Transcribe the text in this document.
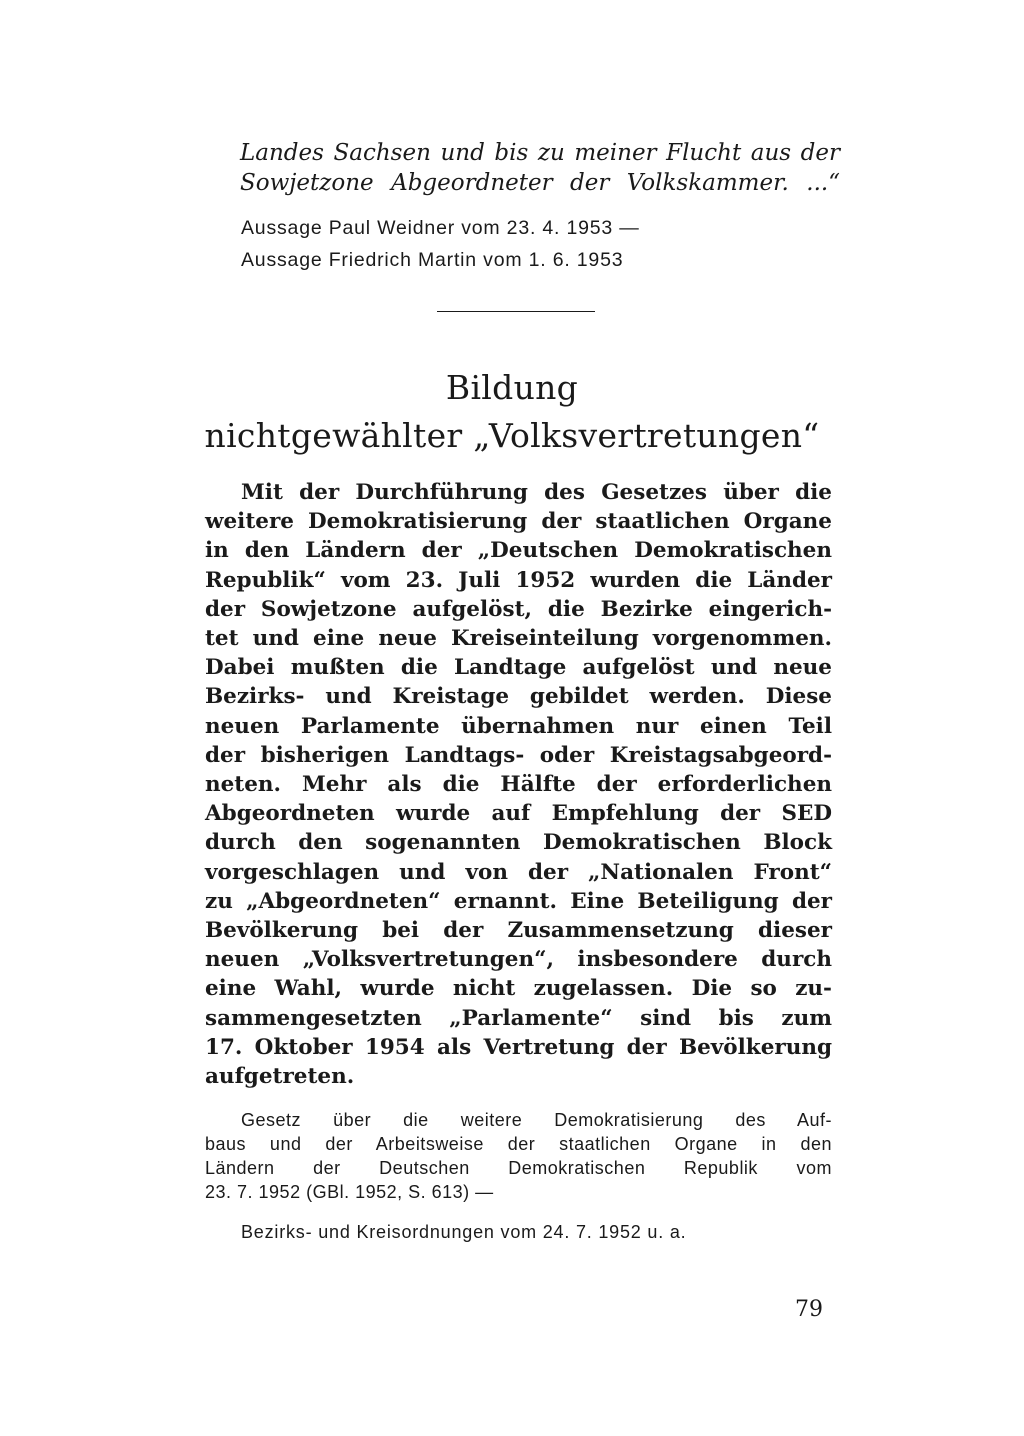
Landes Sachsen und bis zu meiner Flucht aus der
Sowjetzone Abgeordneter der Volkskammer. ...“
Aussage Paul Weidner vom 23. 4. 1953 —
Aussage Friedrich Martin vom 1. 6. 1953
Bildung
nichtgewählter „Volksvertretungen“
Mit der Durchführung des Gesetzes über die
weitere Demokratisierung der staatlichen Organe
in den Ländern der „Deutschen Demokratischen
Republik“ vom 23. Juli 1952 wurden die Länder
der Sowjetzone aufgelöst, die Bezirke eingerich-
tet und eine neue Kreiseinteilung vorgenommen.
Dabei mußten die Landtage aufgelöst und neue
Bezirks- und Kreistage gebildet werden. Diese
neuen Parlamente übernahmen nur einen Teil
der bisherigen Landtags- oder Kreistagsabgeord-
neten. Mehr als die Hälfte der erforderlichen
Abgeordneten wurde auf Empfehlung der SED
durch den sogenannten Demokratischen Block
vorgeschlagen und von der „Nationalen Front“
zu „Abgeordneten“ ernannt. Eine Beteiligung der
Bevölkerung bei der Zusammensetzung dieser
neuen „Volksvertretungen“, insbesondere durch
eine Wahl, wurde nicht zugelassen. Die so zu-
sammengesetzten „Parlamente“ sind bis zum
17. Oktober 1954 als Vertretung der Bevölkerung
aufgetreten.
Gesetz über die weitere Demokratisierung des Auf-
baus und der Arbeitsweise der staatlichen Organe in den
Ländern der Deutschen Demokratischen Republik vom
23. 7. 1952 (GBl. 1952, S. 613) —
Bezirks- und Kreisordnungen vom 24. 7. 1952 u. a.
79
